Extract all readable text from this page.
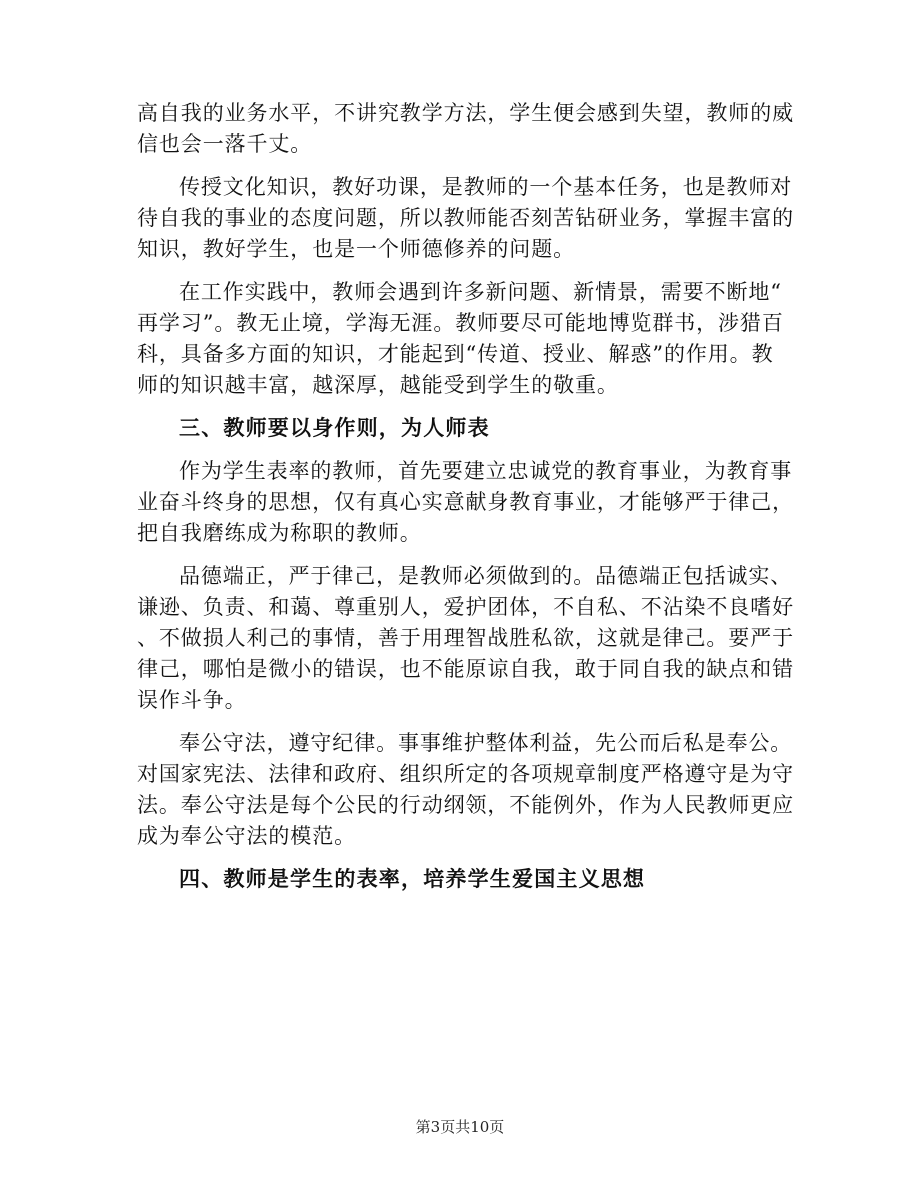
高自我的业务水平，不讲究教学方法，学生便会感到失望，教师的威
信也会一落千丈。
传授文化知识，教好功课，是教师的一个基本任务，也是教师对
待自我的事业的态度问题，所以教师能否刻苦钻研业务，掌握丰富的
知识，教好学生，也是一个师德修养的问题。
在工作实践中，教师会遇到许多新问题、新情景，需要不断地“
再学习”。教无止境，学海无涯。教师要尽可能地博览群书，涉猎百
科，具备多方面的知识，才能起到“传道、授业、解惑”的作用。教
师的知识越丰富，越深厚，越能受到学生的敬重。
三、教师要以身作则，为人师表
作为学生表率的教师，首先要建立忠诚党的教育事业，为教育事
业奋斗终身的思想，仅有真心实意献身教育事业，才能够严于律己，
把自我磨练成为称职的教师。
品德端正，严于律己，是教师必须做到的。品德端正包括诚实、
谦逊、负责、和蔼、尊重别人，爱护团体，不自私、不沾染不良嗜好
、不做损人利己的事情，善于用理智战胜私欲，这就是律己。要严于
律己，哪怕是微小的错误，也不能原谅自我，敢于同自我的缺点和错
误作斗争。
奉公守法，遵守纪律。事事维护整体利益，先公而后私是奉公。
对国家宪法、法律和政府、组织所定的各项规章制度严格遵守是为守
法。奉公守法是每个公民的行动纲领，不能例外，作为人民教师更应
成为奉公守法的模范。
四、教师是学生的表率，培养学生爱国主义思想
第3页共10页
